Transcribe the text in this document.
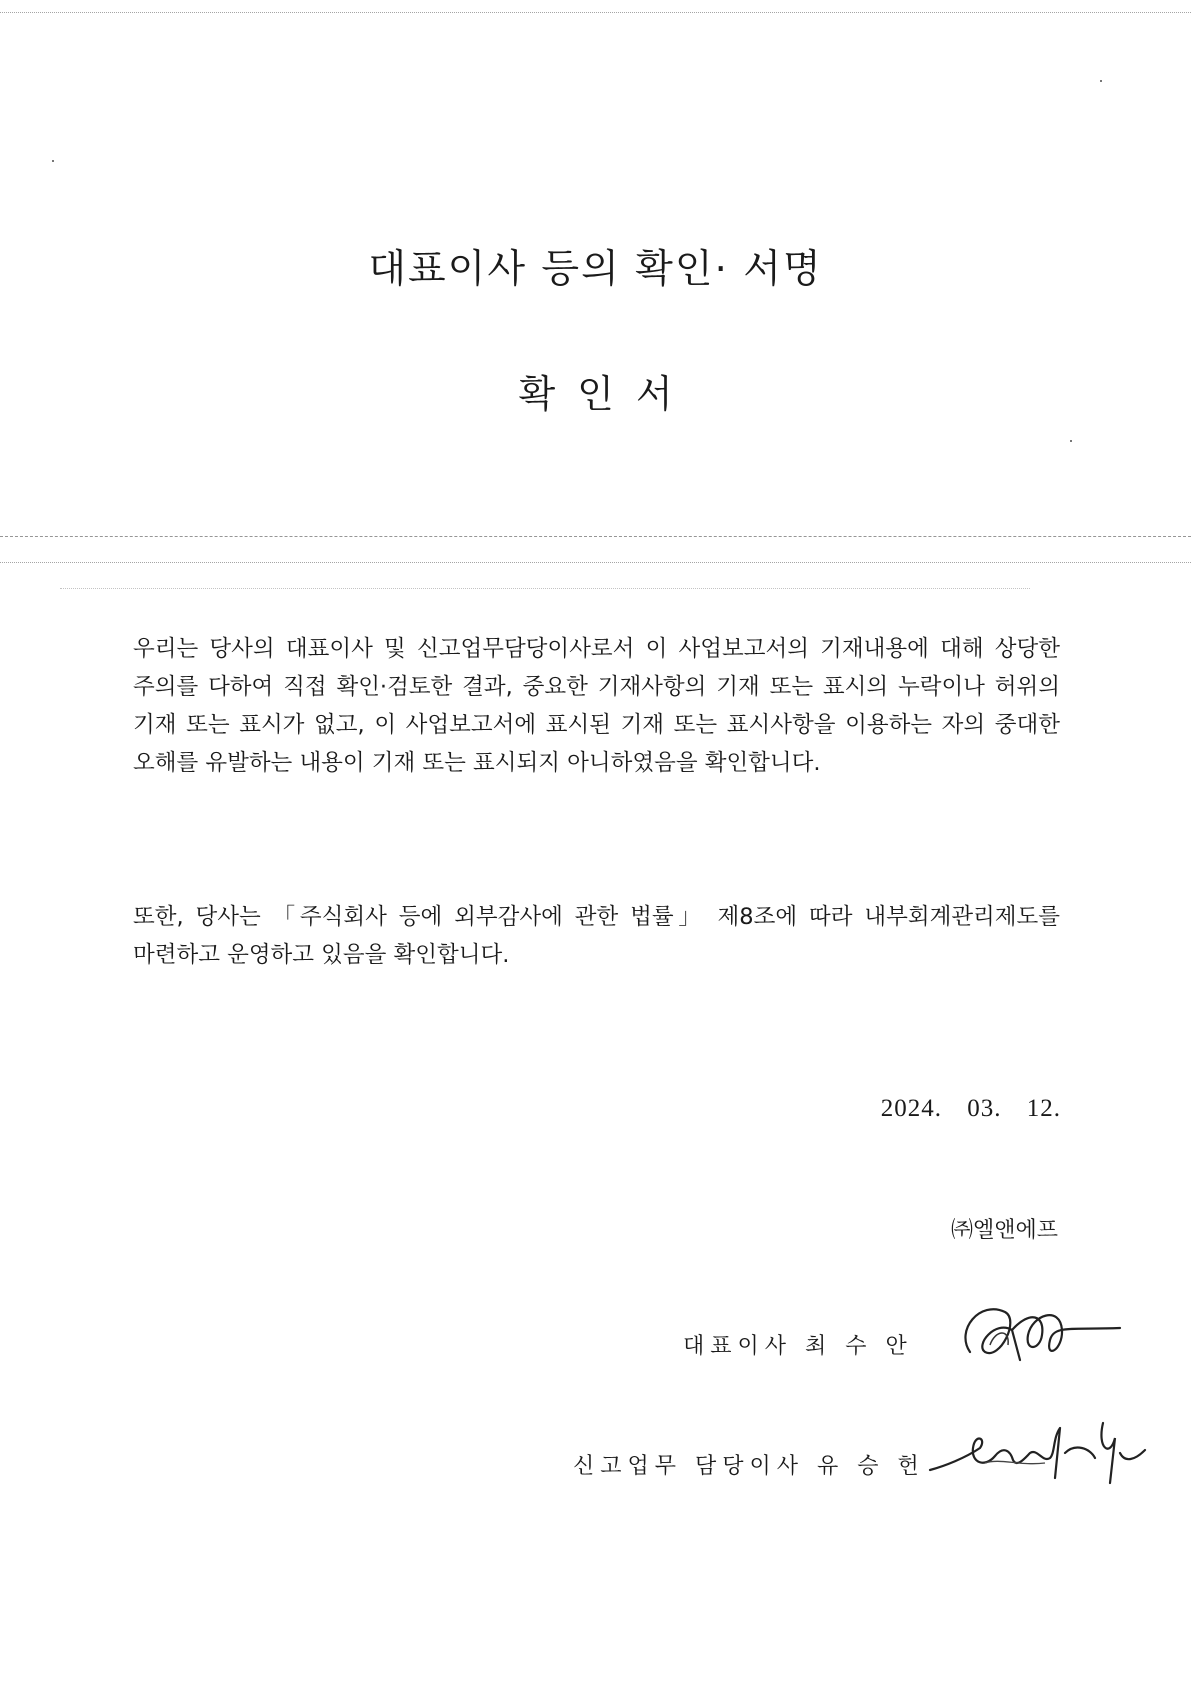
대표이사 등의 확인· 서명
확인서
우리는 당사의 대표이사 및 신고업무담당이사로서 이 사업보고서의 기재내용에 대해 상당한 주의를 다하여 직접 확인·검토한 결과, 중요한 기재사항의 기재 또는 표시의 누락이나 허위의 기재 또는 표시가 없고, 이 사업보고서에 표시된 기재 또는 표시사항을 이용하는 자의 중대한 오해를 유발하는 내용이 기재 또는 표시되지 아니하였음을 확인합니다.
또한, 당사는 「주식회사 등에 외부감사에 관한 법률」 제8조에 따라 내부회계관리제도를 마련하고 운영하고 있음을 확인합니다.
2024. 03. 12.
㈜엘앤에프
대표이사 최 수 안
신고업무 담당이사 유 승 헌
